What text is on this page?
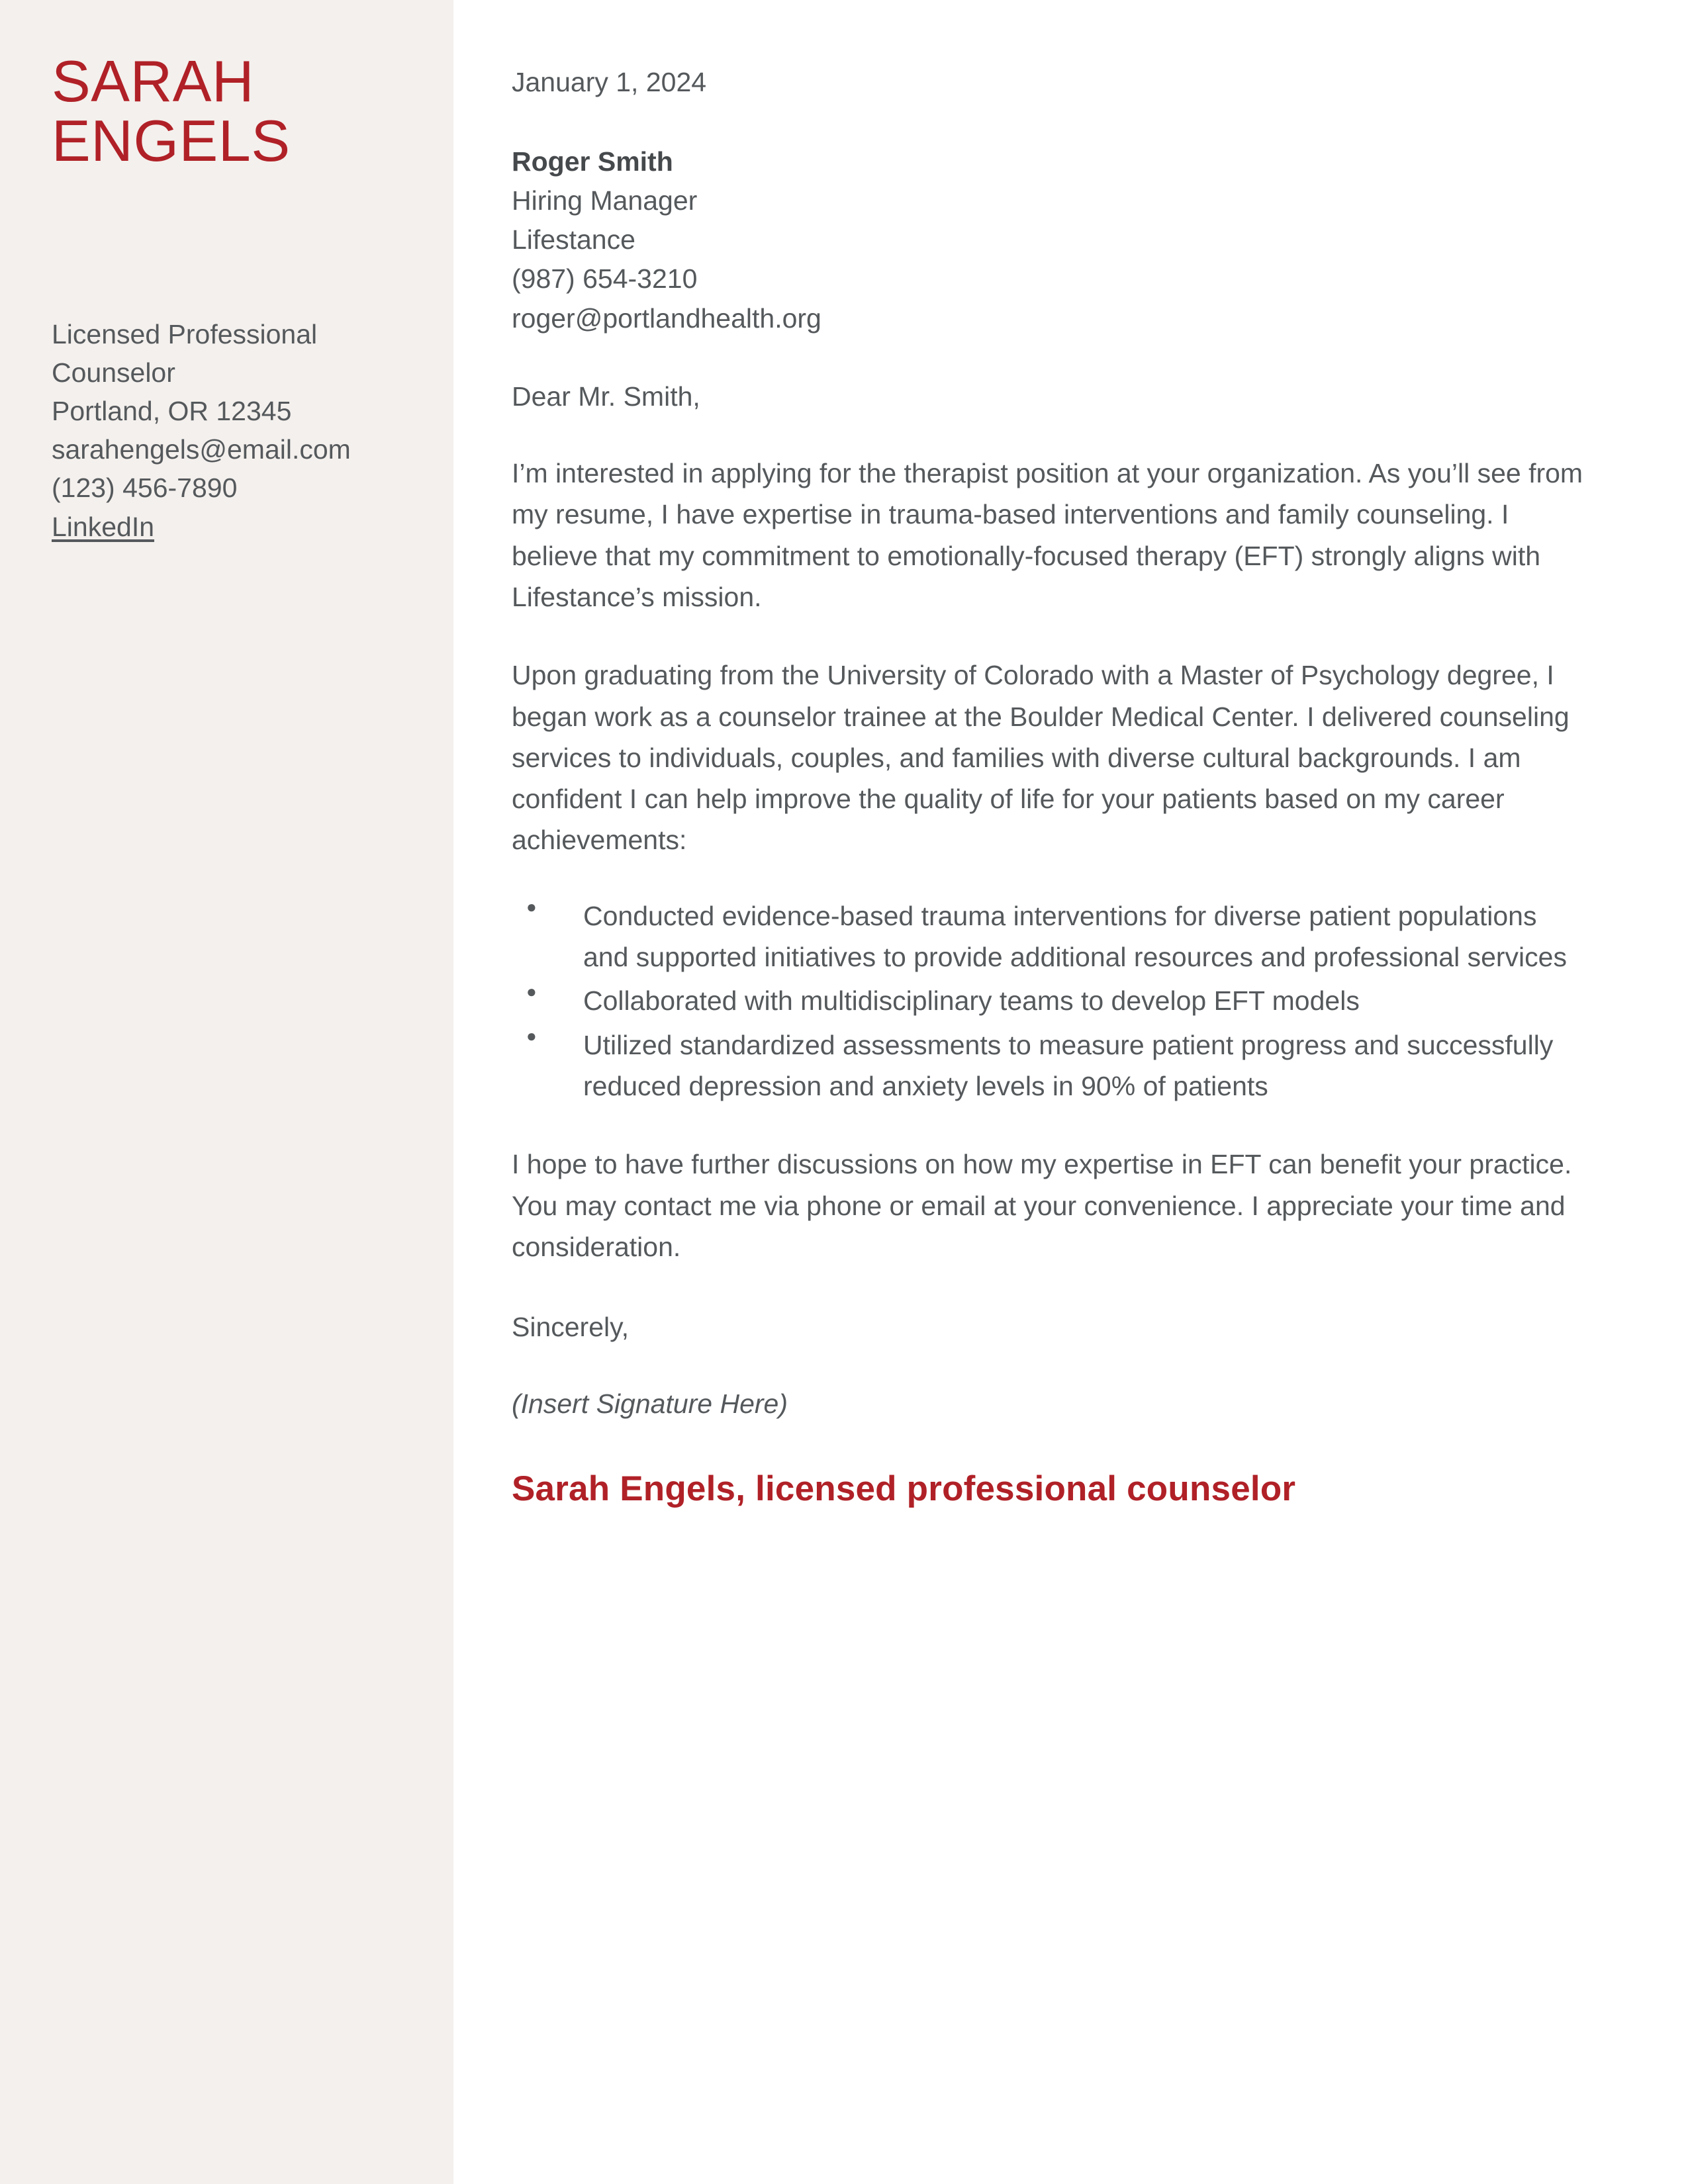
SARAH
ENGELS
Licensed Professional
Counselor
Portland, OR 12345
sarahengels@email.com
(123) 456-7890
LinkedIn
January 1, 2024
Roger Smith
Hiring Manager
Lifestance
(987) 654-3210
roger@portlandhealth.org
Dear Mr. Smith,

I’m interested in applying for the therapist position at your organization. As you’ll see from my resume, I have expertise in trauma-based interventions and family counseling. I believe that my commitment to emotionally-focused therapy (EFT) strongly aligns with Lifestance’s mission.

Upon graduating from the University of Colorado with a Master of Psychology degree, I began work as a counselor trainee at the Boulder Medical Center. I delivered counseling services to individuals, couples, and families with diverse cultural backgrounds. I am confident I can help improve the quality of life for your patients based on my career achievements:

● Conducted evidence-based trauma interventions for diverse patient populations and supported initiatives to provide additional resources and professional services
● Collaborated with multidisciplinary teams to develop EFT models
● Utilized standardized assessments to measure patient progress and successfully reduced depression and anxiety levels in 90% of patients

I hope to have further discussions on how my expertise in EFT can benefit your practice. You may contact me via phone or email at your convenience. I appreciate your time and consideration.

Sincerely,
(Insert Signature Here)
Sarah Engels, licensed professional counselor
